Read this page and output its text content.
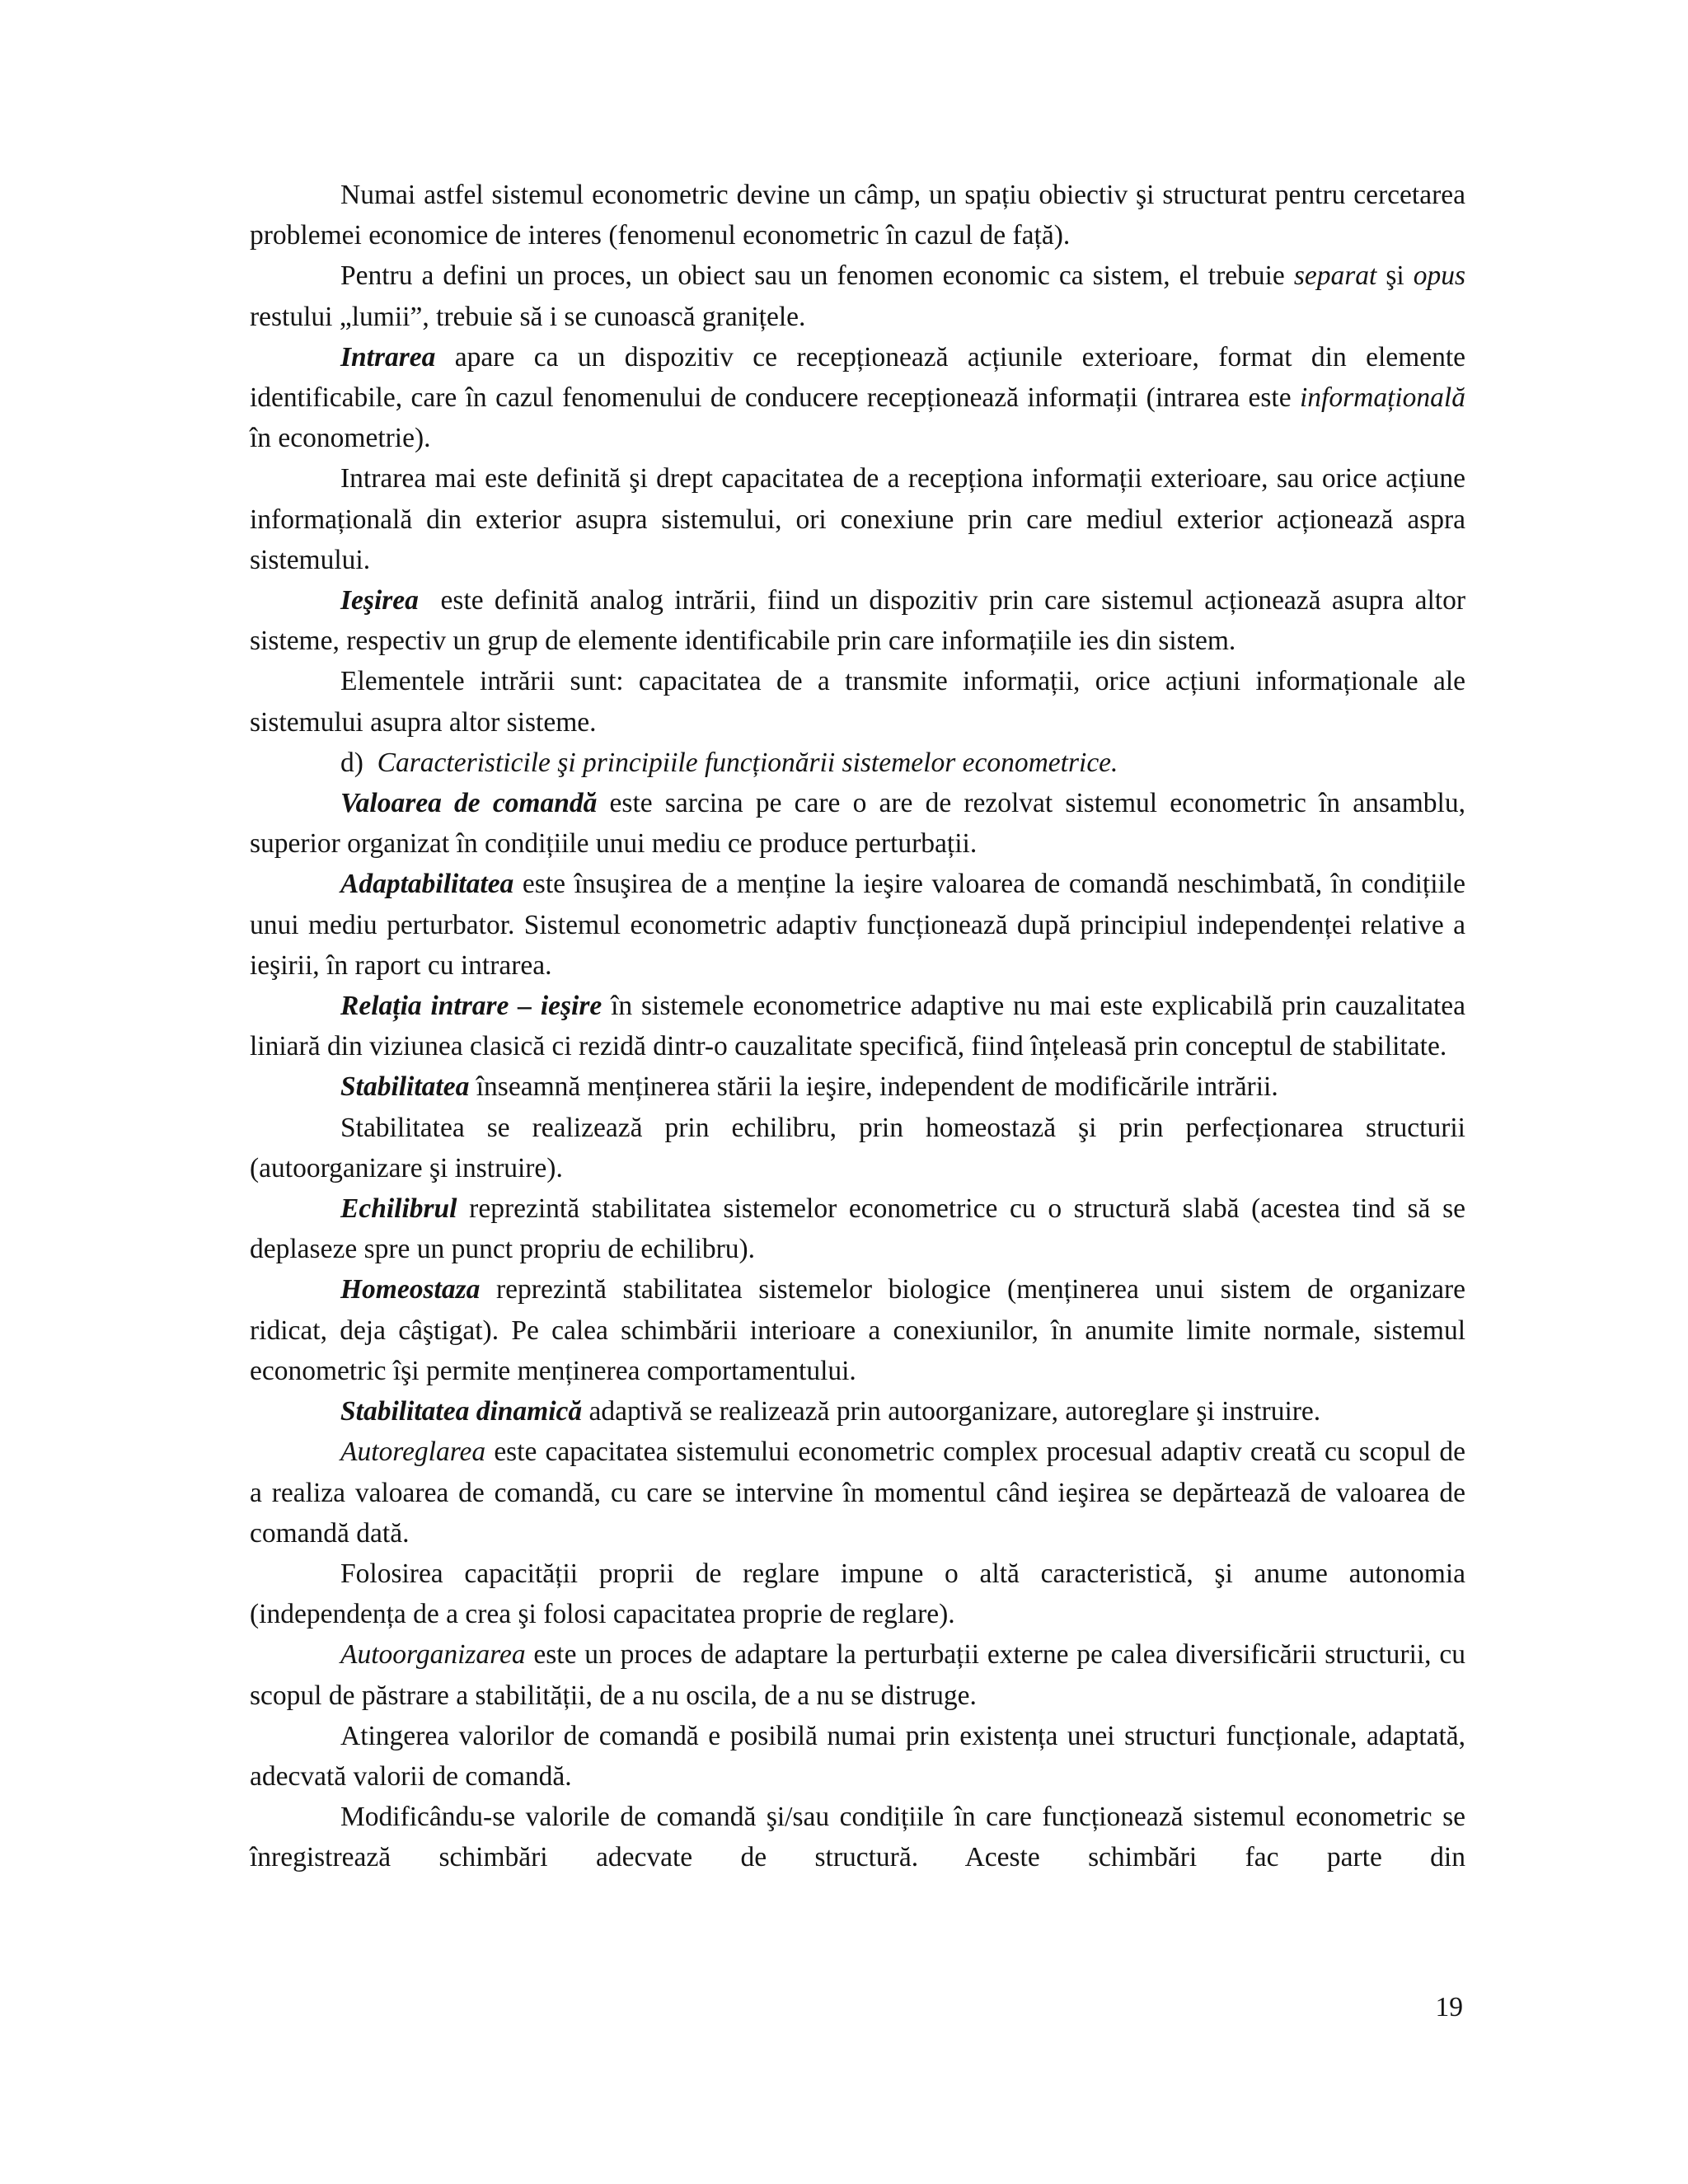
Numai astfel sistemul econometric devine un câmp, un spațiu obiectiv şi structurat pentru cercetarea problemei economice de interes (fenomenul econometric în cazul de față).

Pentru a defini un proces, un obiect sau un fenomen economic ca sistem, el trebuie separat şi opus restului „lumii”, trebuie să i se cunoască granițele.

Intrarea apare ca un dispozitiv ce recepționează acțiunile exterioare, format din elemente identificabile, care în cazul fenomenului de conducere recepționează informații (intrarea este informațională în econometrie).

Intrarea mai este definită şi drept capacitatea de a recepționa informații exterioare, sau orice acțiune informațională din exterior asupra sistemului, ori conexiune prin care mediul exterior acționează aspra sistemului.

Ieşirea  este definită analog intrării, fiind un dispozitiv prin care sistemul acționează asupra altor sisteme, respectiv un grup de elemente identificabile prin care informațiile ies din sistem.

Elementele intrării sunt: capacitatea de a transmite informații, orice acțiuni informaționale ale sistemului asupra altor sisteme.

d) Caracteristicile şi principiile funcționării sistemelor econometrice.

Valoarea de comandă este sarcina pe care o are de rezolvat sistemul econometric în ansamblu, superior organizat în condițiile unui mediu ce produce perturbații.

Adaptabilitatea este însuşirea de a menține la ieşire valoarea de comandă neschimbată, în condițiile unui mediu perturbator. Sistemul econometric adaptiv funcționează după principiul independenței relative a ieşirii, în raport cu intrarea.

Relația intrare – ieşire în sistemele econometrice adaptive nu mai este explicabilă prin cauzalitatea liniară din viziunea clasică ci rezidă dintr-o cauzalitate specifică, fiind înțeleasă prin conceptul de stabilitate.

Stabilitatea înseamnă menținerea stării la ieşire, independent de modificările intrării.

Stabilitatea se realizează prin echilibru, prin homeostază şi prin perfecționarea structurii (autoorganizare şi instruire).

Echilibrul reprezintă stabilitatea sistemelor econometrice cu o structură slabă (acestea tind să se deplaseze spre un punct propriu de echilibru).

Homeostaza reprezintă stabilitatea sistemelor biologice (menținerea unui sistem de organizare ridicat, deja câştigat). Pe calea schimbării interioare a conexiunilor, în anumite limite normale, sistemul econometric îşi permite menținerea comportamentului.

Stabilitatea dinamică adaptivă se realizează prin autoorganizare, autoreglare şi instruire.

Autoreglarea este capacitatea sistemului econometric complex procesual adaptiv creată cu scopul de a realiza valoarea de comandă, cu care se intervine în momentul când ieşirea se depărtează de valoarea de comandă dată.

Folosirea capacității proprii de reglare impune o altă caracteristică, şi anume autonomia (independența de a crea şi folosi capacitatea proprie de reglare).

Autoorganizarea este un proces de adaptare la perturbații externe pe calea diversificării structurii, cu scopul de păstrare a stabilității, de a nu oscila, de a nu se distruge.

Atingerea valorilor de comandă e posibilă numai prin existența unei structuri funcționale, adaptată, adecvată valorii de comandă.

Modificându-se valorile de comandă şi/sau condițiile în care funcționează sistemul econometric se înregistrează schimbări adecvate de structură. Aceste schimbări fac parte din

19
